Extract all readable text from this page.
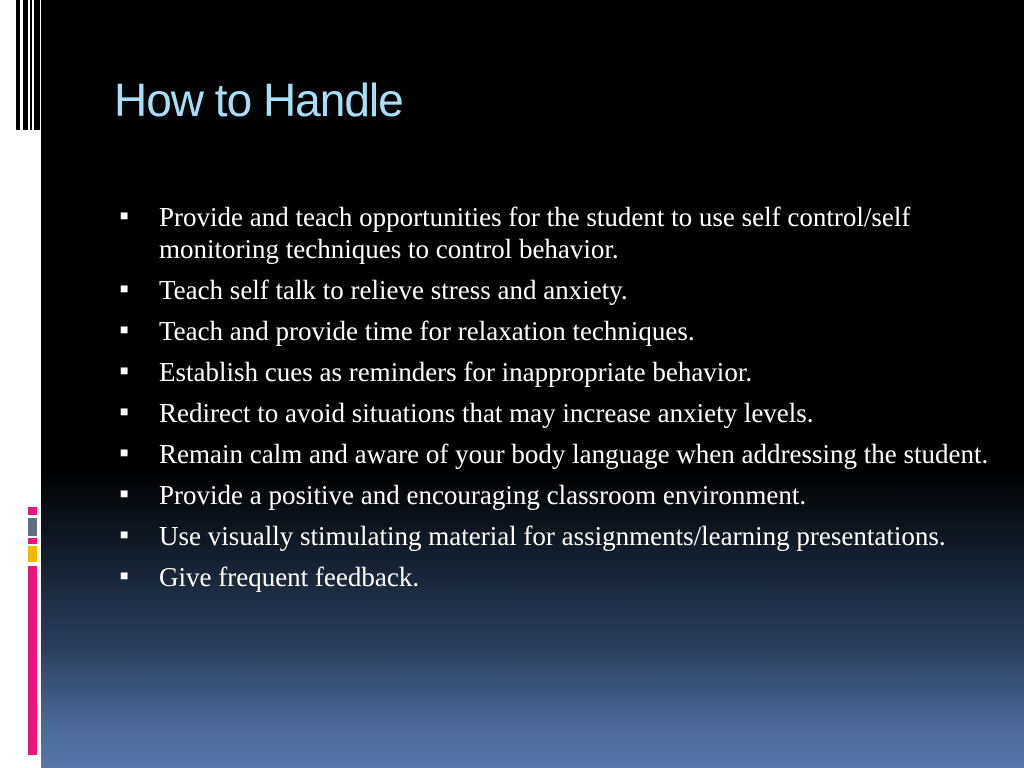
How to Handle
■ Provide and teach opportunities for the student to use self control/self monitoring techniques to control behavior.
■ Teach self talk to relieve stress and anxiety.
■ Teach and provide time for relaxation techniques.
■ Establish cues as reminders for inappropriate behavior.
■ Redirect to avoid situations that may increase anxiety levels.
■ Remain calm and aware of your body language when addressing the student.
■ Provide a positive and encouraging classroom environment.
■ Use visually stimulating material for assignments/learning presentations.
■ Give frequent feedback.
